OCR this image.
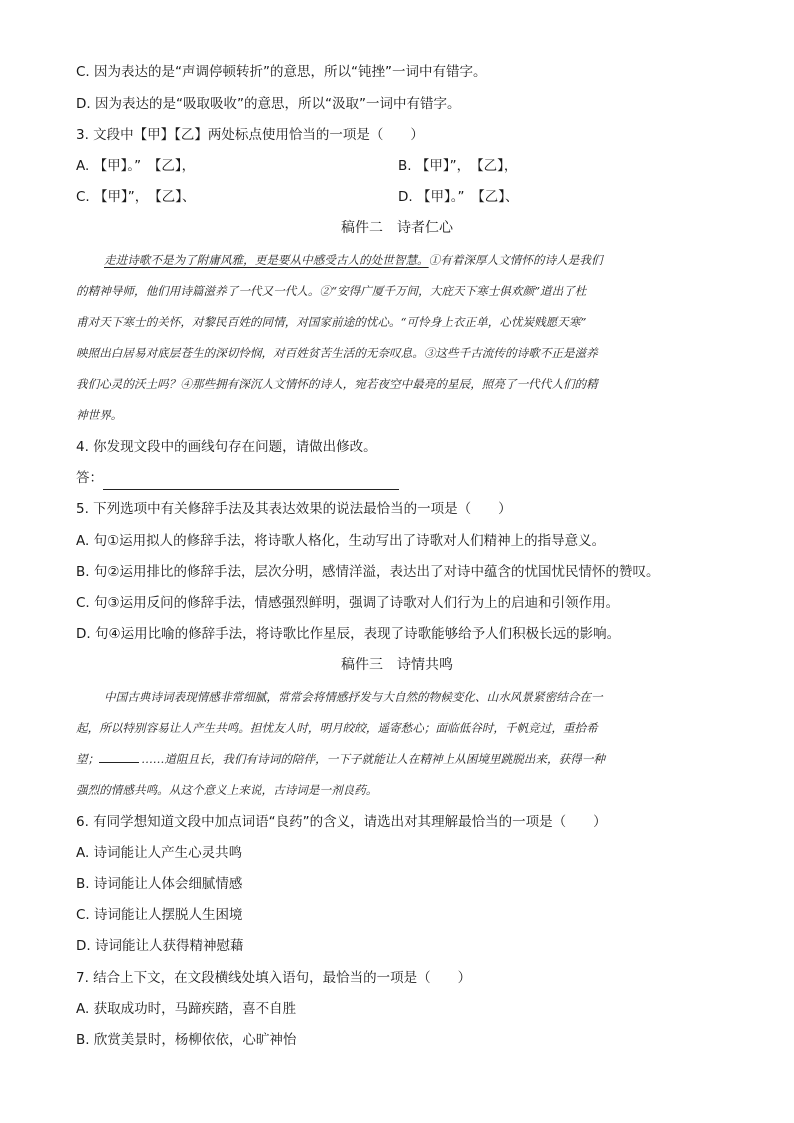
C. 因为表达的是“声调停顿转折”的意思，所以“钝挫”一词中有错字。
D. 因为表达的是“吸取吸收”的意思，所以“汲取”一词中有错字。
3. 文段中【甲】【乙】两处标点使用恰当的一项是（　　）
A. 【甲】。”　【乙】，	B. 【甲】”，　【乙】，
C. 【甲】”，　【乙】、	D. 【甲】。”　【乙】、
稿件二　诗者仁心
走进诗歌不是为了附庸风雅，更是要从中感受古人的处世智慧。①有着深厚人文情怀的诗人是我们
的精神导师，他们用诗篇滋养了一代又一代人。②“安得广厦千万间，大庇天下寒士俱欢颜”道出了杜
甫对天下寒士的关怀，对黎民百姓的同情，对国家前途的忧心。“可怜身上衣正单，心忧炭贱愿天寒”
映照出白居易对底层苍生的深切怜悯，对百姓贫苦生活的无奈叹息。③这些千古流传的诗歌不正是滋养
我们心灵的沃土吗？④那些拥有深沉人文情怀的诗人，宛若夜空中最亮的星辰，照亮了一代代人们的精
神世界。
4. 你发现文段中的画线句存在问题，请做出修改。
答：
5. 下列选项中有关修辞手法及其表达效果的说法最恰当的一项是（　　）
A. 句①运用拟人的修辞手法，将诗歌人格化，生动写出了诗歌对人们精神上的指导意义。
B. 句②运用排比的修辞手法，层次分明，感情洋溢，表达出了对诗中蕴含的忧国忧民情怀的赞叹。
C. 句③运用反问的修辞手法，情感强烈鲜明，强调了诗歌对人们行为上的启迪和引领作用。
D. 句④运用比喻的修辞手法，将诗歌比作星辰，表现了诗歌能够给予人们积极长远的影响。
稿件三　诗情共鸣
中国古典诗词表现情感非常细腻，常常会将情感抒发与大自然的物候变化、山水风景紧密结合在一
起，所以特别容易让人产生共鸣。担忧友人时，明月皎皎，遥寄愁心；面临低谷时，千帆竞过，重拾希
望；	……道阻且长，我们有诗词的陪伴，一下子就能让人在精神上从困境里跳脱出来，获得一种
强烈的情感共鸣。从这个意义上来说，古诗词是一剂良药。
6. 有同学想知道文段中加点词语“良药”的含义，请选出对其理解最恰当的一项是（　　）
A. 诗词能让人产生心灵共鸣
B. 诗词能让人体会细腻情感
C. 诗词能让人摆脱人生困境
D. 诗词能让人获得精神慰藉
7. 结合上下文，在文段横线处填入语句，最恰当的一项是（　　）
A. 获取成功时，马蹄疾踏，喜不自胜
B. 欣赏美景时，杨柳依依，心旷神怡
